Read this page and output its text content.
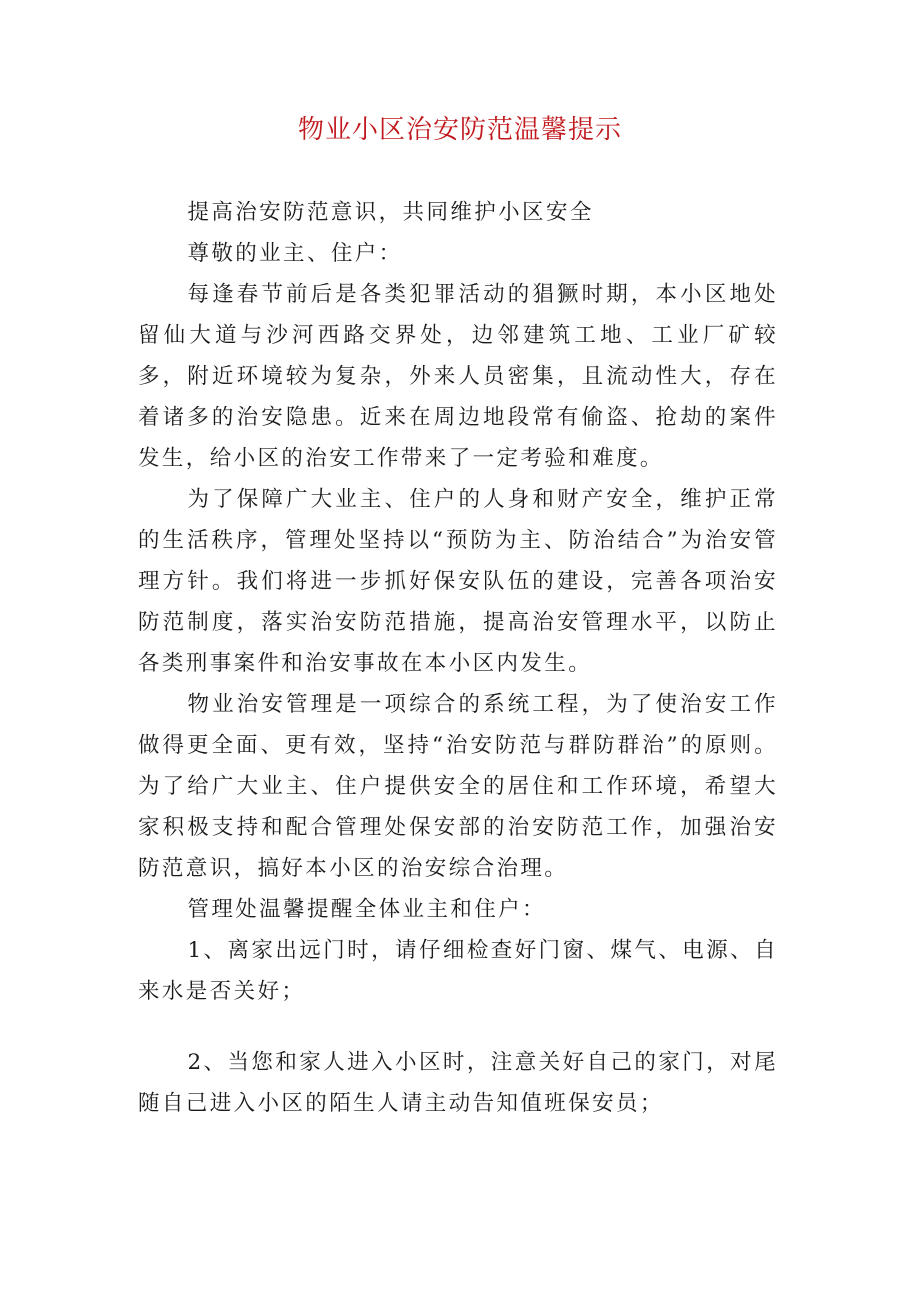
物业小区治安防范温馨提示

提高治安防范意识，共同维护小区安全

尊敬的业主、住户：

每逢春节前后是各类犯罪活动的猖獗时期，本小区地处留仙大道与沙河西路交界处，边邻建筑工地、工业厂矿较多，附近环境较为复杂，外来人员密集，且流动性大，存在着诸多的治安隐患。近来在周边地段常有偷盗、抢劫的案件发生，给小区的治安工作带来了一定考验和难度。

为了保障广大业主、住户的人身和财产安全，维护正常的生活秩序，管理处坚持以“预防为主、防治结合”为治安管理方针。我们将进一步抓好保安队伍的建设，完善各项治安防范制度，落实治安防范措施，提高治安管理水平，以防止各类刑事案件和治安事故在本小区内发生。

物业治安管理是一项综合的系统工程，为了使治安工作做得更全面、更有效，坚持“治安防范与群防群治”的原则。为了给广大业主、住户提供安全的居住和工作环境，希望大家积极支持和配合管理处保安部的治安防范工作，加强治安防范意识，搞好本小区的治安综合治理。

管理处温馨提醒全体业主和住户：

1、离家出远门时，请仔细检查好门窗、煤气、电源、自来水是否关好；

2、当您和家人进入小区时，注意关好自己的家门，对尾随自己进入小区的陌生人请主动告知值班保安员；
